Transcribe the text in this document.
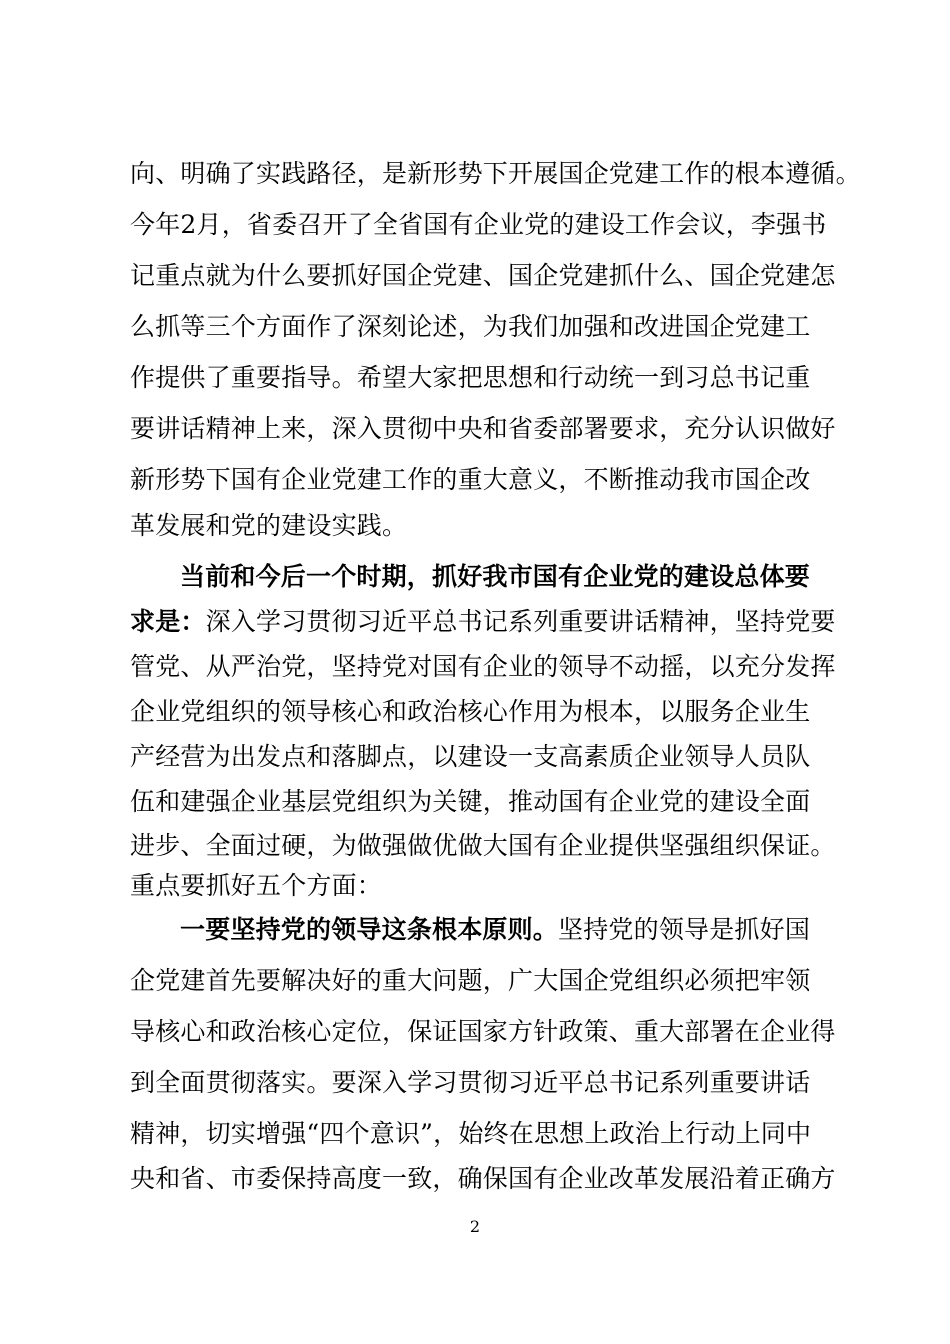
向、明确了实践路径，是新形势下开展国企党建工作的根本遵循。
今年2月，省委召开了全省国有企业党的建设工作会议，李强书
记重点就为什么要抓好国企党建、国企党建抓什么、国企党建怎
么抓等三个方面作了深刻论述，为我们加强和改进国企党建工
作提供了重要指导。希望大家把思想和行动统一到习总书记重
要讲话精神上来，深入贯彻中央和省委部署要求，充分认识做好
新形势下国有企业党建工作的重大意义，不断推动我市国企改
革发展和党的建设实践。
当前和今后一个时期，抓好我市国有企业党的建设总体要
求是：深入学习贯彻习近平总书记系列重要讲话精神，坚持党要
管党、从严治党，坚持党对国有企业的领导不动摇，以充分发挥
企业党组织的领导核心和政治核心作用为根本，以服务企业生
产经营为出发点和落脚点，以建设一支高素质企业领导人员队
伍和建强企业基层党组织为关键，推动国有企业党的建设全面
进步、全面过硬，为做强做优做大国有企业提供坚强组织保证。
重点要抓好五个方面：
一要坚持党的领导这条根本原则。坚持党的领导是抓好国
企党建首先要解决好的重大问题，广大国企党组织必须把牢领
导核心和政治核心定位，保证国家方针政策、重大部署在企业得
到全面贯彻落实。要深入学习贯彻习近平总书记系列重要讲话
精神，切实增强“四个意识”，始终在思想上政治上行动上同中
央和省、市委保持高度一致，确保国有企业改革发展沿着正确方
2
